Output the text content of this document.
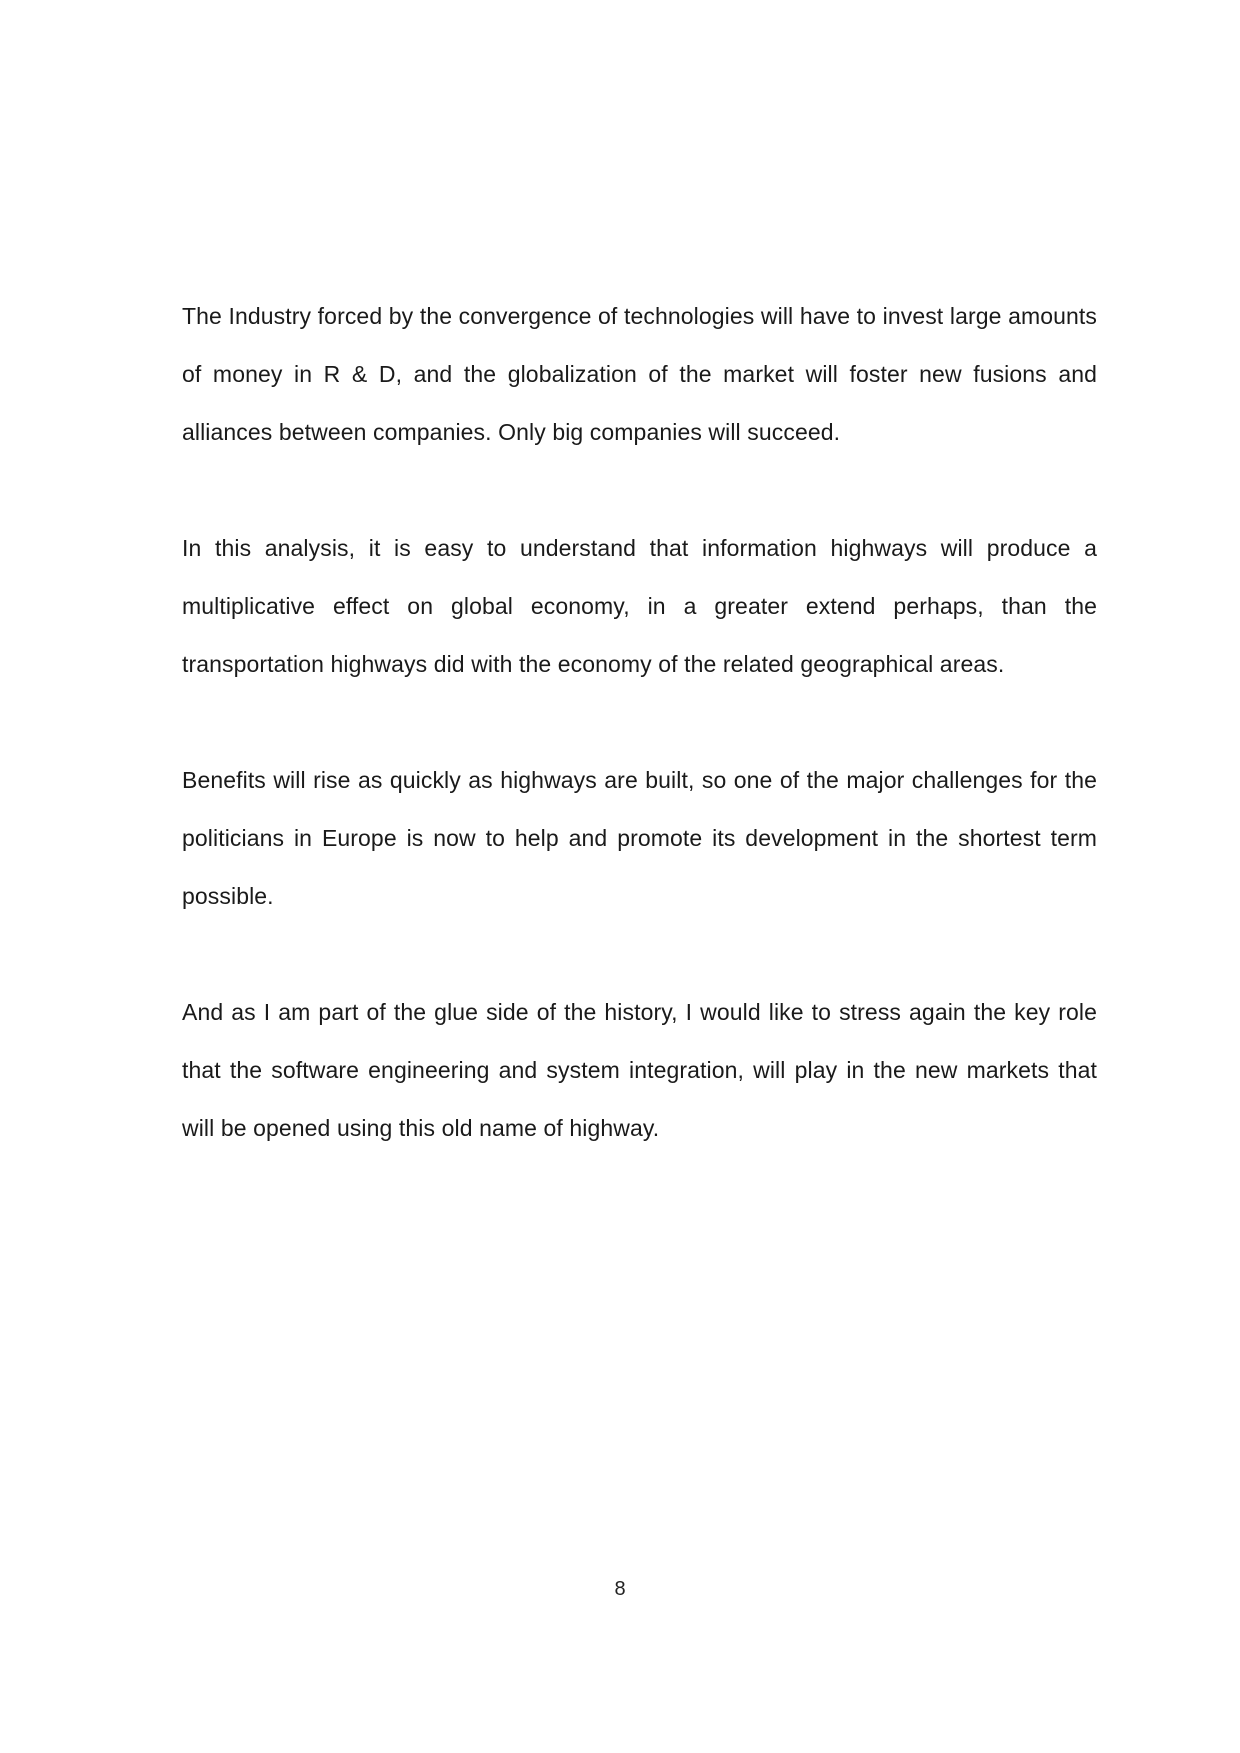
The Industry forced by the convergence of technologies will have to invest large amounts of money in R & D, and the globalization of the market will foster new fusions and alliances between companies. Only big companies will succeed.

In this analysis, it is easy to understand that information highways will produce a multiplicative effect on global economy, in a greater extend perhaps, than the transportation highways did with the economy of the related geographical areas.

Benefits will rise as quickly as highways are built, so one of the major challenges for the politicians in Europe is now to help and promote its development in the shortest term possible.

And as I am part of the glue side of the history, I would like to stress again the key role that the software engineering and system integration, will play in the new markets that will be opened using this old name of highway.

8
